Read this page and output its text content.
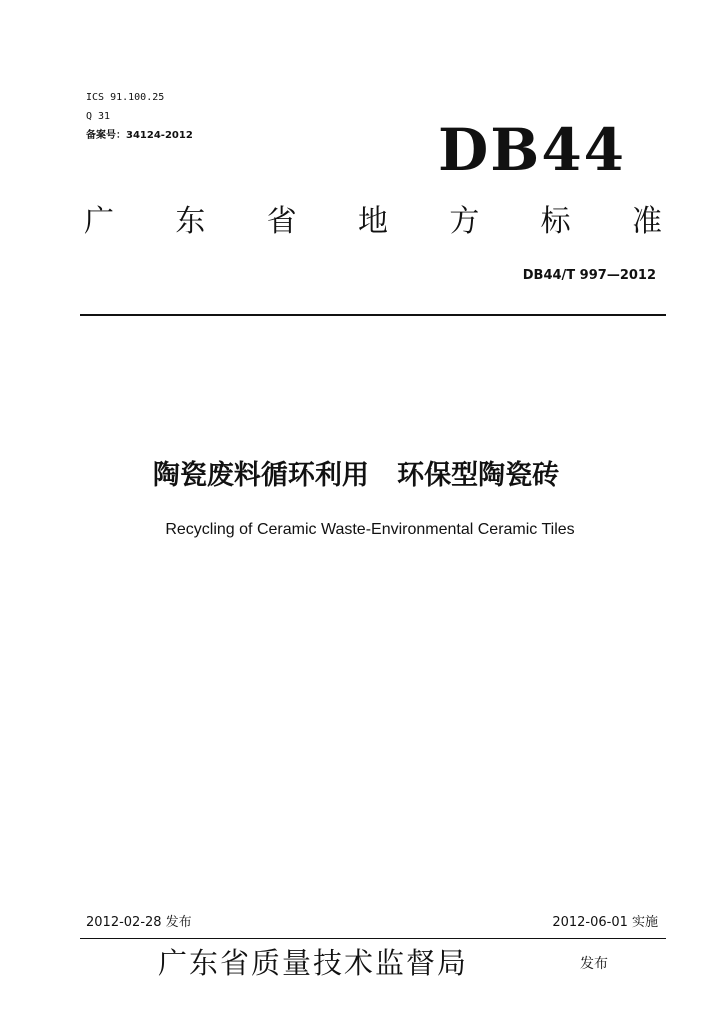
ICS 91.100.25
Q 31
备案号：34124-2012	DB44
广 东 省 地 方 标 准
DB44/T 997—2012
陶瓷废料循环利用   环保型陶瓷砖
Recycling of Ceramic Waste-Environmental Ceramic Tiles
2012-02-28 发布	2012-06-01 实施
广东省质量技术监督局	发布
